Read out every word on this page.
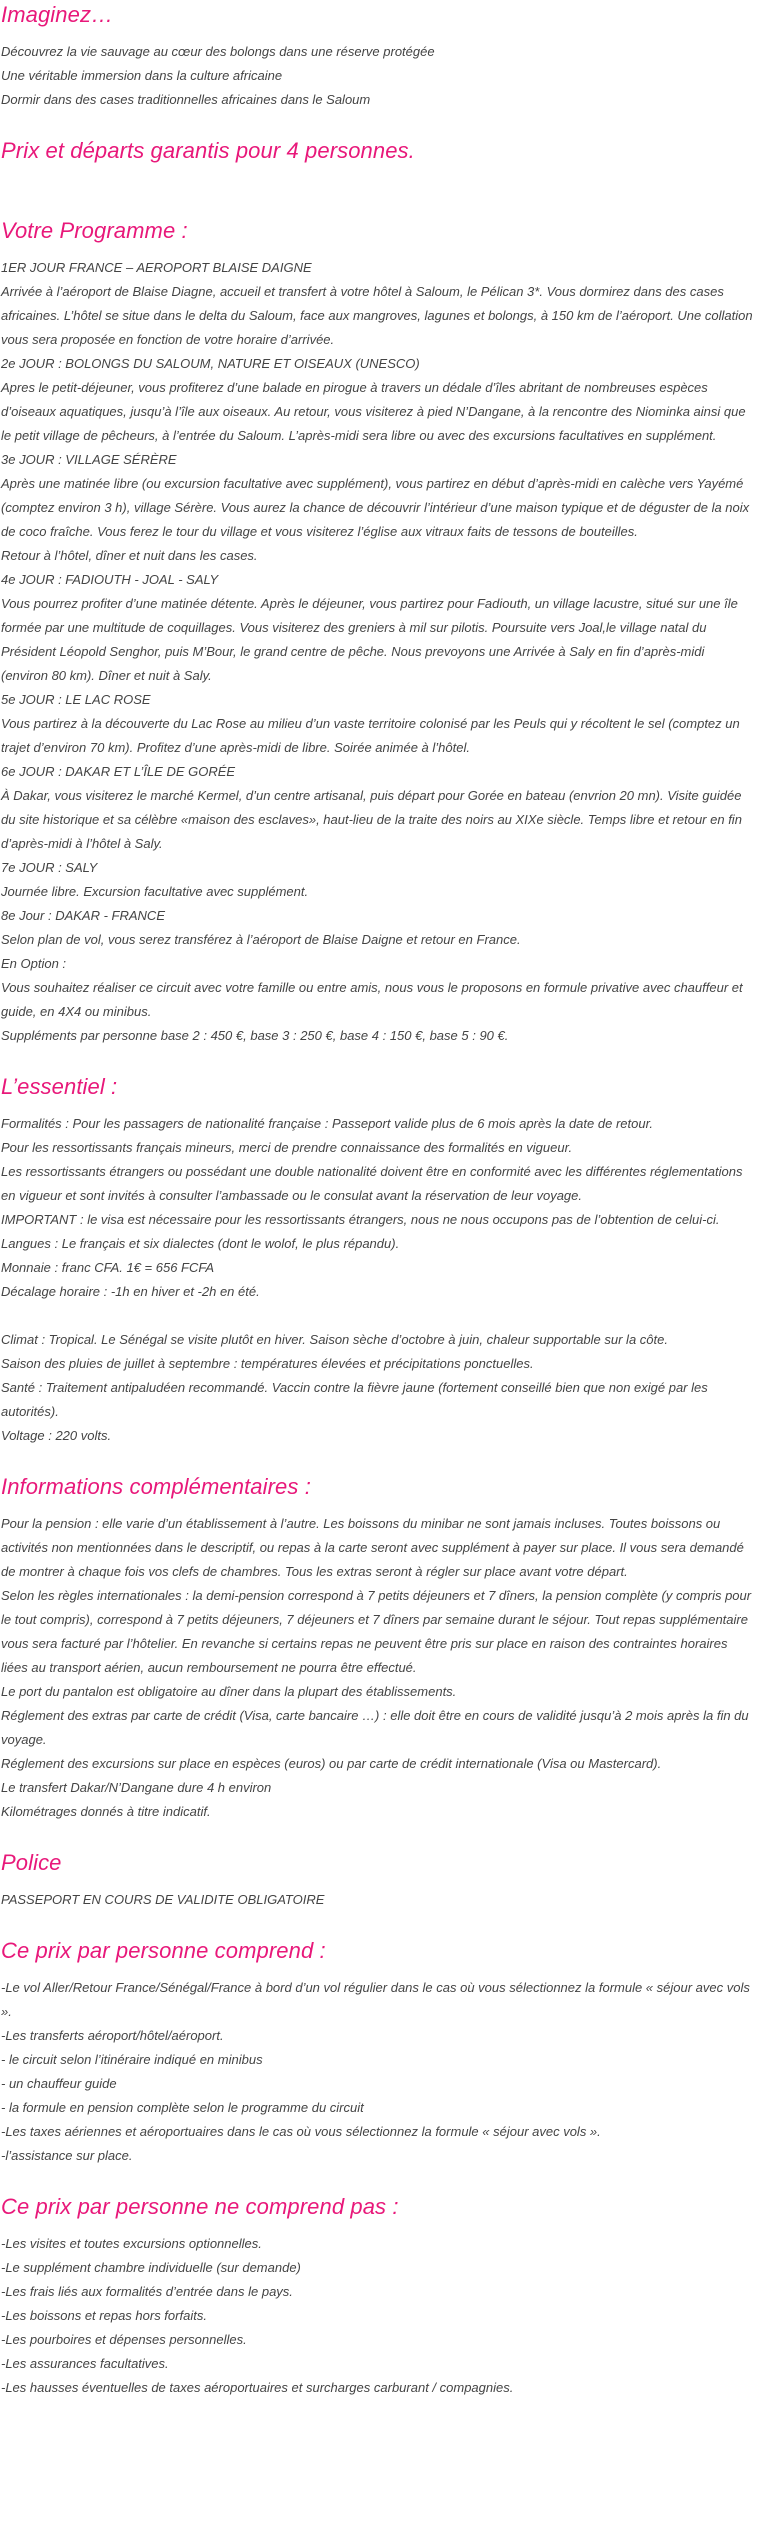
Imaginez…

Découvrez la vie sauvage au cœur des bolongs dans une réserve protégée

Une véritable immersion dans la culture africaine

Dormir dans des cases traditionnelles africaines dans le Saloum

Prix et départs garantis pour 4 personnes.
Votre Programme :

1ER JOUR FRANCE – AEROPORT BLAISE DAIGNE

Arrivée à l’aéroport de Blaise Diagne, accueil et transfert à votre hôtel à Saloum, le Pélican 3*. Vous dormirez dans des cases africaines. L’hôtel se situe dans le delta du Saloum, face aux mangroves, lagunes et bolongs, à 150 km de l’aéroport. Une collation vous sera proposée en fonction de votre horaire d’arrivée.

2e JOUR : BOLONGS DU SALOUM, NATURE ET OISEAUX (UNESCO)

Apres le petit-déjeuner, vous profiterez d’une balade en pirogue à travers un dédale d’îles abritant de nombreuses espèces d’oiseaux aquatiques, jusqu’à l’île aux oiseaux. Au retour, vous visiterez à pied N’Dangane, à la rencontre des Niominka ainsi que le petit village de pêcheurs, à l’entrée du Saloum. L’après-midi sera libre ou avec des excursions facultatives en supplément.

3e JOUR : VILLAGE SÉRÈRE

Après une matinée libre (ou excursion facultative avec supplément), vous partirez en début d’après-midi en calèche vers Yayémé (comptez environ 3 h), village Sérère. Vous aurez la chance de découvrir l’intérieur d’une maison typique et de déguster de la noix de coco fraîche. Vous ferez le tour du village et vous visiterez l’église aux vitraux faits de tessons de bouteilles.

Retour à l’hôtel, dîner et nuit dans les cases.

4e JOUR : FADIOUTH - JOAL - SALY

Vous pourrez profiter d’une matinée détente. Après le déjeuner, vous partirez pour Fadiouth, un village lacustre, situé sur une île formée par une multitude de coquillages. Vous visiterez des greniers à mil sur pilotis. Poursuite vers Joal,le village natal du Président Léopold Senghor, puis M’Bour, le grand centre de pêche. Nous prevoyons une Arrivée à Saly en fin d’après-midi (environ 80 km). Dîner et nuit à Saly.

5e JOUR : LE LAC ROSE

Vous partirez à la découverte du Lac Rose au milieu d’un vaste territoire colonisé par les Peuls qui y récoltent le sel (comptez un trajet d’environ 70 km). Profitez d’une après-midi de libre. Soirée animée à l’hôtel.

6e JOUR : DAKAR ET L’ÎLE DE GORÉE

À Dakar, vous visiterez le marché Kermel, d’un centre artisanal, puis départ pour Gorée en bateau (envrion 20 mn). Visite guidée du site historique et sa célèbre «maison des esclaves», haut-lieu de la traite des noirs au XIXe siècle. Temps libre et retour en fin d’après-midi à l’hôtel à Saly.

7e JOUR : SALY

Journée libre. Excursion facultative avec supplément.

8e Jour : DAKAR - FRANCE

Selon plan de vol, vous serez transférez à l’aéroport de Blaise Daigne et retour en France.

En Option :

Vous souhaitez réaliser ce circuit avec votre famille ou entre amis, nous vous le proposons en formule privative avec chauffeur et guide, en 4X4 ou minibus.

Suppléments par personne base 2 : 450 €, base 3 : 250 €, base 4 : 150 €, base 5 : 90 €.

L’essentiel :

Formalités : Pour les passagers de nationalité française : Passeport valide plus de 6 mois après la date de retour.

Pour les ressortissants français mineurs, merci de prendre connaissance des formalités en vigueur.

Les ressortissants étrangers ou possédant une double nationalité doivent être en conformité avec les différentes réglementations en vigueur et sont invités à consulter l’ambassade ou le consulat avant la réservation de leur voyage.

IMPORTANT : le visa est nécessaire pour les ressortissants étrangers, nous ne nous occupons pas de l’obtention de celui-ci.

Langues : Le français et six dialectes (dont le wolof, le plus répandu).

Monnaie : franc CFA. 1€ = 656 FCFA

Décalage horaire : -1h en hiver et -2h en été.

Climat : Tropical. Le Sénégal se visite plutôt en hiver. Saison sèche d’octobre à juin, chaleur supportable sur la côte.

Saison des pluies de juillet à septembre : températures élevées et précipitations ponctuelles.

Santé : Traitement antipaludéen recommandé. Vaccin contre la fièvre jaune (fortement conseillé bien que non exigé par les autorités).

Voltage : 220 volts.

Informations complémentaires :

Pour la pension : elle varie d’un établissement à l’autre. Les boissons du minibar ne sont jamais incluses. Toutes boissons ou activités non mentionnées dans le descriptif, ou repas à la carte seront avec supplément à payer sur place. Il vous sera demandé de montrer à chaque fois vos clefs de chambres. Tous les extras seront à régler sur place avant votre départ.

Selon les règles internationales : la demi-pension correspond à 7 petits déjeuners et 7 dîners, la pension complète (y compris pour le tout compris), correspond à 7 petits déjeuners, 7 déjeuners et 7 dîners par semaine durant le séjour. Tout repas supplémentaire vous sera facturé par l’hôtelier. En revanche si certains repas ne peuvent être pris sur place en raison des contraintes horaires liées au transport aérien, aucun remboursement ne pourra être effectué.

Le port du pantalon est obligatoire au dîner dans la plupart des établissements.

Réglement des extras par carte de crédit (Visa, carte bancaire …) : elle doit être en cours de validité jusqu’à 2 mois après la fin du voyage.

Réglement des excursions sur place en espèces (euros) ou par carte de crédit internationale (Visa ou Mastercard).

Le transfert Dakar/N’Dangane dure 4 h environ

Kilométrages donnés à titre indicatif.

Police

PASSEPORT EN COURS DE VALIDITE OBLIGATOIRE

Ce prix par personne comprend :

-Le vol Aller/Retour France/Sénégal/France à bord d’un vol régulier dans le cas où vous sélectionnez la formule « séjour avec vols ».

-Les transferts aéroport/hôtel/aéroport.

- le circuit selon l’itinéraire indiqué en minibus

- un chauffeur guide

- la formule en pension complète selon le programme du circuit

-Les taxes aériennes et aéroportuaires dans le cas où vous sélectionnez la formule « séjour avec vols ».

-l’assistance sur place.

Ce prix par personne ne comprend pas :

-Les visites et toutes excursions optionnelles.

-Le supplément chambre individuelle (sur demande)

-Les frais liés aux formalités d’entrée dans le pays.

-Les boissons et repas hors forfaits.

-Les pourboires et dépenses personnelles.

-Les assurances facultatives.

-Les hausses éventuelles de taxes aéroportuaires et surcharges carburant / compagnies.
